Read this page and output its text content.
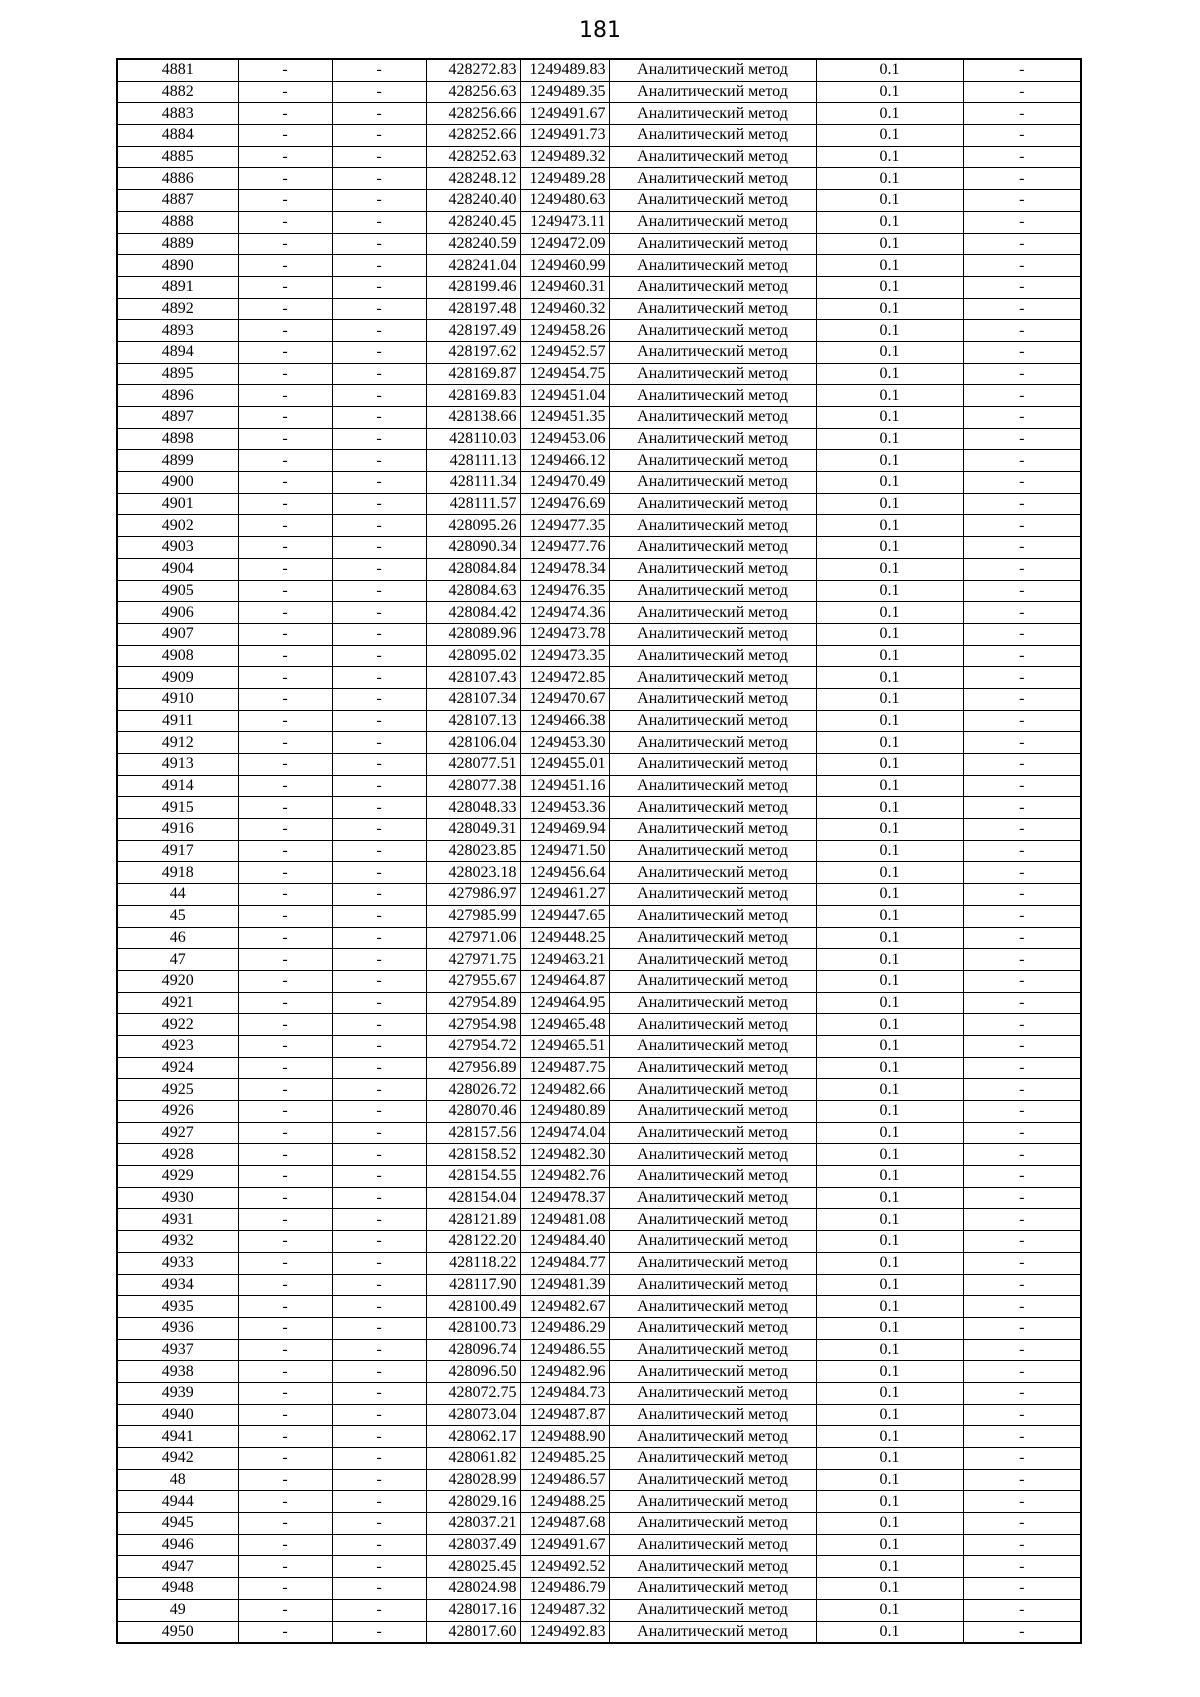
181
4881	-	-	428272.83	1249489.83	Аналитический метод	0.1	-
4882	-	-	428256.63	1249489.35	Аналитический метод	0.1	-
4883	-	-	428256.66	1249491.67	Аналитический метод	0.1	-
4884	-	-	428252.66	1249491.73	Аналитический метод	0.1	-
4885	-	-	428252.63	1249489.32	Аналитический метод	0.1	-
4886	-	-	428248.12	1249489.28	Аналитический метод	0.1	-
4887	-	-	428240.40	1249480.63	Аналитический метод	0.1	-
4888	-	-	428240.45	1249473.11	Аналитический метод	0.1	-
4889	-	-	428240.59	1249472.09	Аналитический метод	0.1	-
4890	-	-	428241.04	1249460.99	Аналитический метод	0.1	-
4891	-	-	428199.46	1249460.31	Аналитический метод	0.1	-
4892	-	-	428197.48	1249460.32	Аналитический метод	0.1	-
4893	-	-	428197.49	1249458.26	Аналитический метод	0.1	-
4894	-	-	428197.62	1249452.57	Аналитический метод	0.1	-
4895	-	-	428169.87	1249454.75	Аналитический метод	0.1	-
4896	-	-	428169.83	1249451.04	Аналитический метод	0.1	-
4897	-	-	428138.66	1249451.35	Аналитический метод	0.1	-
4898	-	-	428110.03	1249453.06	Аналитический метод	0.1	-
4899	-	-	428111.13	1249466.12	Аналитический метод	0.1	-
4900	-	-	428111.34	1249470.49	Аналитический метод	0.1	-
4901	-	-	428111.57	1249476.69	Аналитический метод	0.1	-
4902	-	-	428095.26	1249477.35	Аналитический метод	0.1	-
4903	-	-	428090.34	1249477.76	Аналитический метод	0.1	-
4904	-	-	428084.84	1249478.34	Аналитический метод	0.1	-
4905	-	-	428084.63	1249476.35	Аналитический метод	0.1	-
4906	-	-	428084.42	1249474.36	Аналитический метод	0.1	-
4907	-	-	428089.96	1249473.78	Аналитический метод	0.1	-
4908	-	-	428095.02	1249473.35	Аналитический метод	0.1	-
4909	-	-	428107.43	1249472.85	Аналитический метод	0.1	-
4910	-	-	428107.34	1249470.67	Аналитический метод	0.1	-
4911	-	-	428107.13	1249466.38	Аналитический метод	0.1	-
4912	-	-	428106.04	1249453.30	Аналитический метод	0.1	-
4913	-	-	428077.51	1249455.01	Аналитический метод	0.1	-
4914	-	-	428077.38	1249451.16	Аналитический метод	0.1	-
4915	-	-	428048.33	1249453.36	Аналитический метод	0.1	-
4916	-	-	428049.31	1249469.94	Аналитический метод	0.1	-
4917	-	-	428023.85	1249471.50	Аналитический метод	0.1	-
4918	-	-	428023.18	1249456.64	Аналитический метод	0.1	-
44	-	-	427986.97	1249461.27	Аналитический метод	0.1	-
45	-	-	427985.99	1249447.65	Аналитический метод	0.1	-
46	-	-	427971.06	1249448.25	Аналитический метод	0.1	-
47	-	-	427971.75	1249463.21	Аналитический метод	0.1	-
4920	-	-	427955.67	1249464.87	Аналитический метод	0.1	-
4921	-	-	427954.89	1249464.95	Аналитический метод	0.1	-
4922	-	-	427954.98	1249465.48	Аналитический метод	0.1	-
4923	-	-	427954.72	1249465.51	Аналитический метод	0.1	-
4924	-	-	427956.89	1249487.75	Аналитический метод	0.1	-
4925	-	-	428026.72	1249482.66	Аналитический метод	0.1	-
4926	-	-	428070.46	1249480.89	Аналитический метод	0.1	-
4927	-	-	428157.56	1249474.04	Аналитический метод	0.1	-
4928	-	-	428158.52	1249482.30	Аналитический метод	0.1	-
4929	-	-	428154.55	1249482.76	Аналитический метод	0.1	-
4930	-	-	428154.04	1249478.37	Аналитический метод	0.1	-
4931	-	-	428121.89	1249481.08	Аналитический метод	0.1	-
4932	-	-	428122.20	1249484.40	Аналитический метод	0.1	-
4933	-	-	428118.22	1249484.77	Аналитический метод	0.1	-
4934	-	-	428117.90	1249481.39	Аналитический метод	0.1	-
4935	-	-	428100.49	1249482.67	Аналитический метод	0.1	-
4936	-	-	428100.73	1249486.29	Аналитический метод	0.1	-
4937	-	-	428096.74	1249486.55	Аналитический метод	0.1	-
4938	-	-	428096.50	1249482.96	Аналитический метод	0.1	-
4939	-	-	428072.75	1249484.73	Аналитический метод	0.1	-
4940	-	-	428073.04	1249487.87	Аналитический метод	0.1	-
4941	-	-	428062.17	1249488.90	Аналитический метод	0.1	-
4942	-	-	428061.82	1249485.25	Аналитический метод	0.1	-
48	-	-	428028.99	1249486.57	Аналитический метод	0.1	-
4944	-	-	428029.16	1249488.25	Аналитический метод	0.1	-
4945	-	-	428037.21	1249487.68	Аналитический метод	0.1	-
4946	-	-	428037.49	1249491.67	Аналитический метод	0.1	-
4947	-	-	428025.45	1249492.52	Аналитический метод	0.1	-
4948	-	-	428024.98	1249486.79	Аналитический метод	0.1	-
49	-	-	428017.16	1249487.32	Аналитический метод	0.1	-
4950	-	-	428017.60	1249492.83	Аналитический метод	0.1	-
